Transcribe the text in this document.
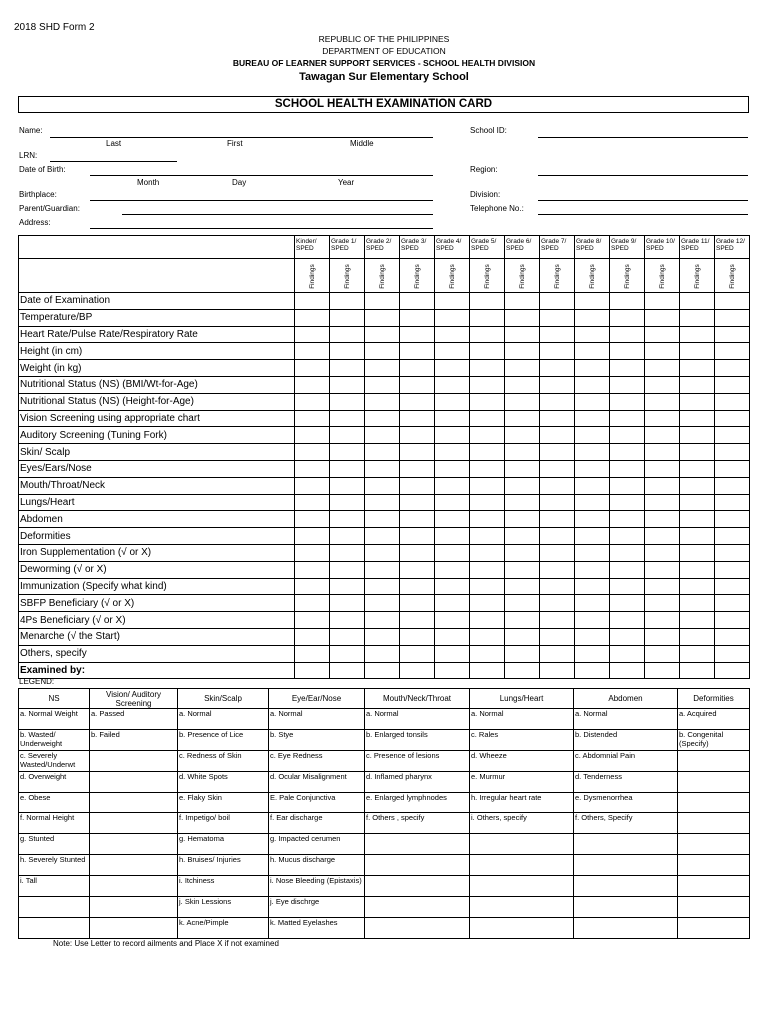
2018 SHD Form 2
REPUBLIC OF THE PHILIPPINES
DEPARTMENT OF EDUCATION
BUREAU OF LEARNER SUPPORT SERVICES - SCHOOL HEALTH DIVISION
Tawagan Sur Elementary School
SCHOOL HEALTH EXAMINATION CARD
Name:
Last	First	Middle
LRN:
Date of Birth:
Month	Day	Year
Birthplace:
Parent/Guardian:
Address:
School ID:
Region:
Division:
Telephone No.:
	Kinder/ SPED	Grade 1/ SPED	Grade 2/ SPED	Grade 3/ SPED	Grade 4/ SPED	Grade 5/ SPED	Grade 6/ SPED	Grade 7/ SPED	Grade 8/ SPED	Grade 9/ SPED	Grade 10/ SPED	Grade 11/ SPED	Grade 12/ SPED
	Findings	Findings	Findings	Findings	Findings	Findings	Findings	Findings	Findings	Findings	Findings	Findings	Findings
Date of Examination													
Temperature/BP													
Heart Rate/Pulse Rate/Respiratory Rate													
Height (in cm)													
Weight (in kg)													
Nutritional Status (NS) (BMI/Wt-for-Age)													
Nutritional Status (NS) (Height-for-Age)													
Vision Screening using appropriate chart													
Auditory Screening (Tuning Fork)													
Skin/ Scalp													
Eyes/Ears/Nose													
Mouth/Throat/Neck													
Lungs/Heart													
Abdomen													
Deformities													
Iron Supplementation (√ or X)													
Deworming (√ or X)													
Immunization (Specify what kind)													
SBFP Beneficiary (√ or X)													
4Ps Beneficiary (√ or X)													
Menarche (√ the Start)													
Others, specify													
Examined by:													
LEGEND:
NS	Vision/ Auditory Screening	Skin/Scalp	Eye/Ear/Nose	Mouth/Neck/Throat	Lungs/Heart	Abdomen	Deformities
a. Normal Weight	a. Passed	a. Normal	a. Normal	a. Normal	a. Normal	a. Normal	a. Acquired
b. Wasted/ Underweight	b. Failed	b. Presence of Lice	b. Stye	b. Enlarged tonsils	c. Rales	b. Distended	b. Congenital (Specify)
c. Severely Wasted/Underwt		c. Redness of Skin	c. Eye Redness	c. Presence of lesions	d. Wheeze	c. Abdomnial Pain	
d. Overweight		d. White Spots	d. Ocular Misalignment	d. Inflamed pharynx	e. Murmur	d. Tenderness	
e. Obese		e. Flaky Skin	E. Pale Conjunctiva	e. Enlarged lymphnodes	h. Irregular heart rate	e. Dysmenorrhea	
f. Normal Height		f. Impetigo/ boil	f. Ear discharge	f. Others , specify	i. Others, specify	f. Others, Specify	
g. Stunted		g. Hematoma	g. Impacted cerumen				
h. Severely Stunted		h. Bruises/ Injuries	h. Mucus discharge				
i. Tall		i. Itchiness	i. Nose Bleeding (Epistaxis)				
		j. Skin Lessions	j. Eye dischrge				
		k. Acne/Pimple	k. Matted Eyelashes				
Note: Use Letter to record ailments and Place X if not examined
